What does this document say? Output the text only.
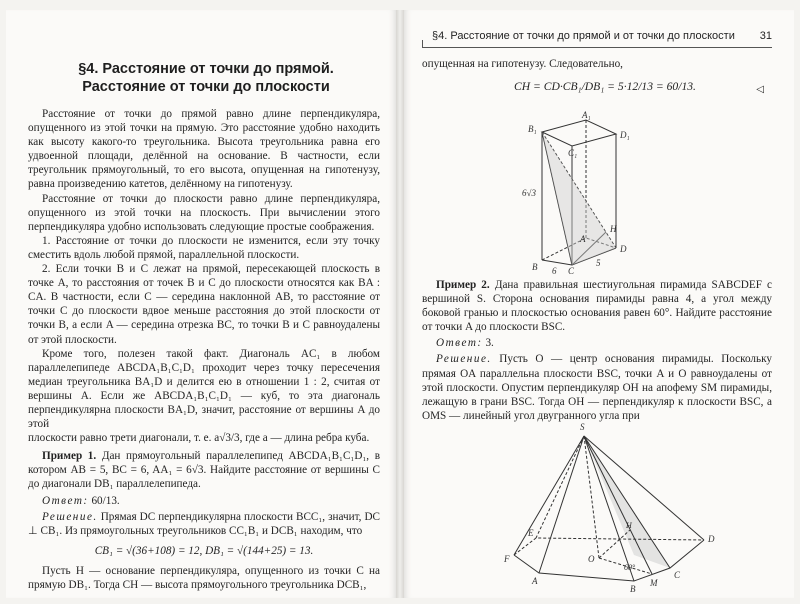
§4. Расстояние от точки до прямой.
Расстояние от точки до плоскости

Расстояние от точки до прямой равно длине перпендикуляра, опущенного из этой точки на прямую. Это расстояние удобно находить как высоту какого-то треугольника. Высота треугольника равна его удвоенной площади, делённой на основание. В частности, если треугольник прямоугольный, то его высота, опущенная на гипотенузу, равна произведению катетов, делённому на гипотенузу.

Расстояние от точки до плоскости равно длине перпендикуляра, опущенного из этой точки на плоскость. При вычислении этого перпендикуляра удобно использовать следующие простые соображения.

1. Расстояние от точки до плоскости не изменится, если эту точку сместить вдоль любой прямой, параллельной плоскости.

2. Если точки B и C лежат на прямой, пересекающей плоскость в точке A, то расстояния от точек B и C до плоскости относятся как BA : CA. В частности, если C — середина наклонной AB, то расстояние от точки C до плоскости вдвое меньше расстояния до этой плоскости от точки B, а если A — середина отрезка BC, то точки B и C равноудалены от этой плоскости.

Кроме того, полезен такой факт. Диагональ AC₁ в любом параллелепипеде ABCDA₁B₁C₁D₁ проходит через точку пересечения медиан треугольника BA₁D и делится ею в отношении 1 : 2, считая от вершины A. Если же ABCDA₁B₁C₁D₁ — куб, то эта диагональ перпендикулярна плоскости BA₁D, значит, расстояние от вершины A до этой

плоскости равно трети диагонали, т. е. a√3/3, где a — длина ребра куба.

Пример 1. Дан прямоугольный параллелепипед ABCDA₁B₁C₁D₁, в котором AB = 5, BC = 6, AA₁ = 6√3. Найдите расстояние от вершины C до диагонали DB₁ параллелепипеда.

Ответ: 60/13.

Решение. Прямая DC перпендикулярна плоскости BCC₁, значит, DC ⊥ CB₁. Из прямоугольных треугольников CC₁B₁ и DCB₁ находим, что

CB₁ = √(36+108) = 12, DB₁ = √(144+25) = 13.

Пусть H — основание перпендикуляра, опущенного из точки C на прямую DB₁. Тогда CH — высота прямоугольного треугольника DCB₁,

§4. Расстояние от точки до прямой и от точки до плоскости 31
опущенная на гипотенузу. Следовательно,
CH = CD·CB₁/DB₁ = 5·12/13 = 60/13.	◁
B₁
A₁
C₁
D₁
6√3
H
A
B	C
D
5
6

Пример 2. Дана правильная шестиугольная пирамида SABCDEF с вершиной S. Сторона основания пирамиды равна 4, а угол между боковой гранью и плоскостью основания равен 60°. Найдите расстояние от точки A до плоскости BSC.

Ответ: 3.

Решение. Пусть O — центр основания пирамиды. Поскольку прямая OA параллельна плоскости BSC, точки A и O равноудалены от этой плоскости. Опустим перпендикуляр OH на апофему SM пирамиды, лежащую в грани BSC. Тогда OH — перпендикуляр к плоскости BSC, а OMS — линейный угол двугранного угла при

S
H
E
D
F	O
60°
A	M
C
B
